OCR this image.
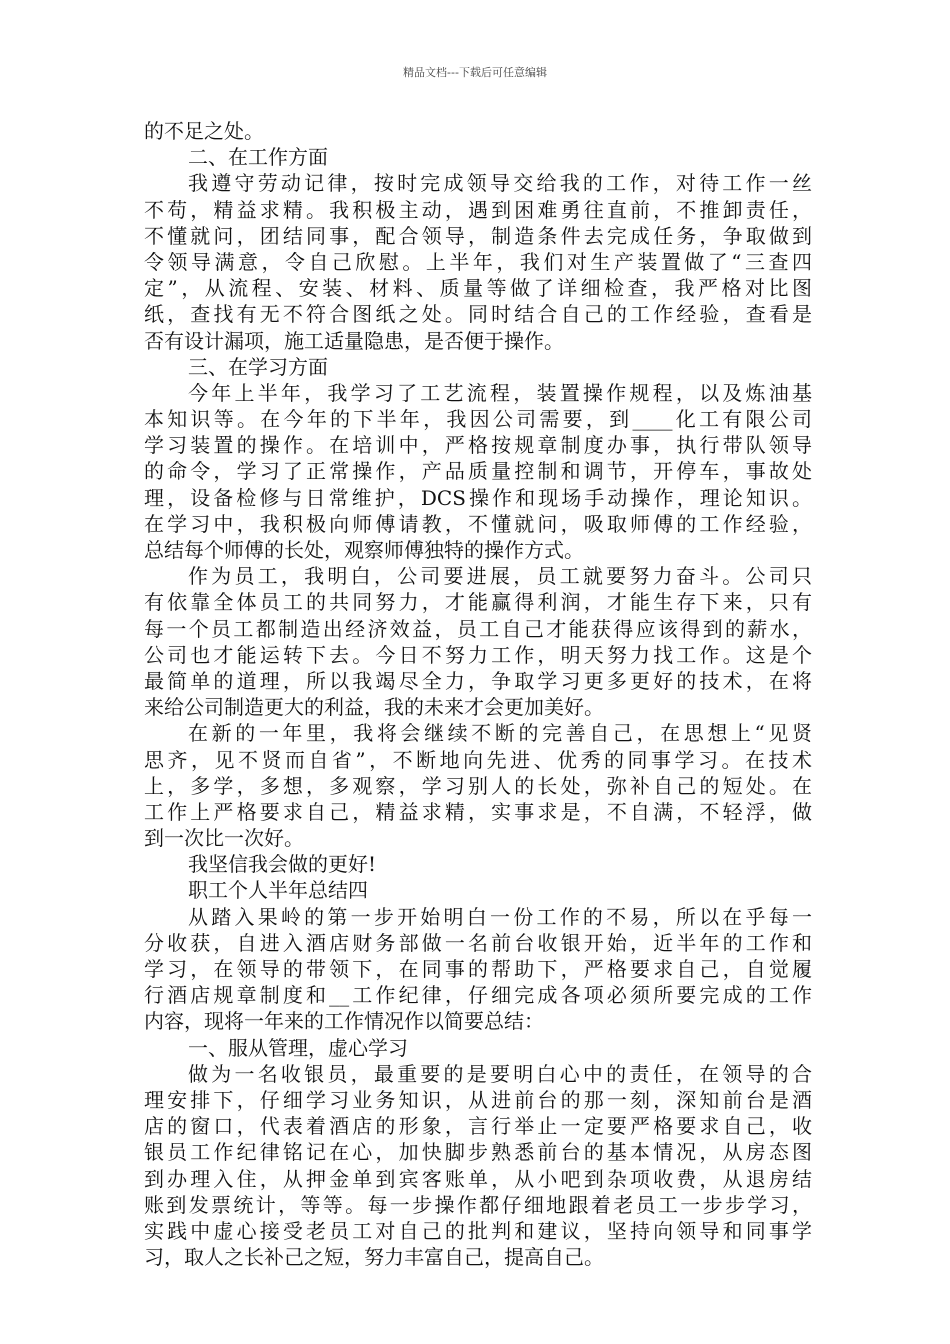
精品文档---下载后可任意编辑
的不足之处。
二、在工作方面
我遵守劳动记律，按时完成领导交给我的工作，对待工作一丝
不苟，精益求精。我积极主动，遇到困难勇往直前，不推卸责任，
不懂就问，团结同事，配合领导，制造条件去完成任务，争取做到
令领导满意，令自己欣慰。上半年，我们对生产装置做了“三查四
定”，从流程、安装、材料、质量等做了详细检查，我严格对比图
纸，查找有无不符合图纸之处。同时结合自己的工作经验，查看是
否有设计漏项，施工适量隐患，是否便于操作。
三、在学习方面
今年上半年，我学习了工艺流程，装置操作规程，以及炼油基
本知识等。在今年的下半年，我因公司需要，到____化工有限公司
学习装置的操作。在培训中，严格按规章制度办事，执行带队领导
的命令，学习了正常操作，产品质量控制和调节，开停车，事故处
理，设备检修与日常维护，DCS操作和现场手动操作，理论知识。
在学习中，我积极向师傅请教，不懂就问，吸取师傅的工作经验，
总结每个师傅的长处，观察师傅独特的操作方式。
作为员工，我明白，公司要进展，员工就要努力奋斗。公司只
有依靠全体员工的共同努力，才能赢得利润，才能生存下来，只有
每一个员工都制造出经济效益，员工自己才能获得应该得到的薪水，
公司也才能运转下去。今日不努力工作，明天努力找工作。这是个
最简单的道理，所以我竭尽全力，争取学习更多更好的技术，在将
来给公司制造更大的利益，我的未来才会更加美好。
在新的一年里，我将会继续不断的完善自己，在思想上“见贤
思齐，见不贤而自省”，不断地向先进、优秀的同事学习。在技术
上，多学，多想，多观察，学习别人的长处，弥补自己的短处。在
工作上严格要求自己，精益求精，实事求是，不自满，不轻浮，做
到一次比一次好。
我坚信我会做的更好!
职工个人半年总结四
从踏入果岭的第一步开始明白一份工作的不易，所以在乎每一
分收获，自进入酒店财务部做一名前台收银开始，近半年的工作和
学习，在领导的带领下，在同事的帮助下，严格要求自己，自觉履
行酒店规章制度和__工作纪律，仔细完成各项必须所要完成的工作
内容，现将一年来的工作情况作以简要总结：
一、服从管理，虚心学习
做为一名收银员，最重要的是要明白心中的责任，在领导的合
理安排下，仔细学习业务知识，从进前台的那一刻，深知前台是酒
店的窗口，代表着酒店的形象，言行举止一定要严格要求自己，收
银员工作纪律铭记在心，加快脚步熟悉前台的基本情况，从房态图
到办理入住，从押金单到宾客账单，从小吧到杂项收费，从退房结
账到发票统计，等等。每一步操作都仔细地跟着老员工一步步学习，
实践中虚心接受老员工对自己的批判和建议，坚持向领导和同事学
习，取人之长补己之短，努力丰富自己，提高自己。
